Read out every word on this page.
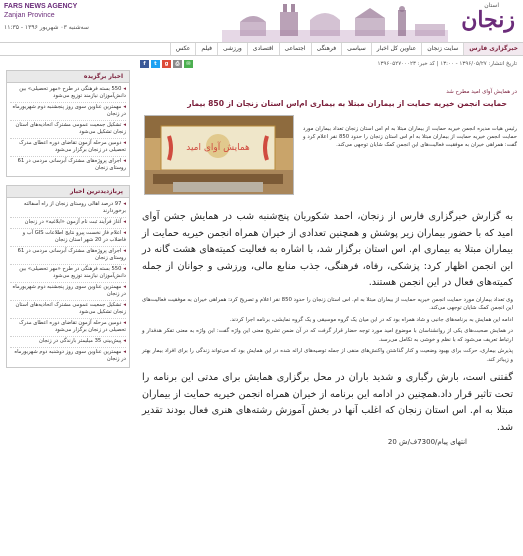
FARS NEWS AGENCY
Zanjan Province
سه‌شنبه ۰۳ شهریور ۱۳۹۶ - ۱۱:۳۵
استان
زنجان
خبرگزاری فارس
سایت زنجان
عناوین کل اخبار
سیاسی
فرهنگی
اجتماعی
اقتصادی
ورزشی
فیلم
عکس
اخبار برگزیده
◂550 بسته فرهنگی در طرح «مهر تحصیلی» بین دانش‌آموزان نیازمند توزیع می‌شود
◂مهمترین عناوین سوی روز پنجشنبه دوم شهریورماه در زنجان
◂تشکیل جمعیت عمومی مشترک اتحادیه‌های استان زنجان تشکیل می‌شود
◂دومین مرحله آزمون تقاضای دوره اعطای مدرک تحصیلی در زنجان برگزار می‌شود
◂اجرای پروژه‌های مشترک آبرسانی مردمی در 61 روستای زنجان
پربازدیدترین اخبار
◂97 درصد اهالی روستای زنجان از راه آسفالته برخوردارند
◂آغاز فرآیند ثبت نام آزمون «ابلاغیه» در زنجان
◂اعلام فاز نخست پیرو نتایج اطلاعات GIS آب و فاضلاب در 20 شهر استان زنجان
◂اجرای پروژه‌های مشترک آبرسانی مردمی در 61 روستای زنجان
◂550 بسته فرهنگی در طرح «مهر تحصیلی» بین دانش‌آموزان نیازمند توزیع می‌شود
◂مهمترین عناوین سوی روز پنجشنبه دوم شهریورماه در زنجان
◂تشکیل جمعیت عمومی مشترک اتحادیه‌های استان زنجان تشکیل می‌شود
◂دومین مرحله آزمون تقاضای دوره اعطای مدرک تحصیلی در زنجان برگزار می‌شود
◂پیش‌بینی 35 میلیمتر بارندگی در زنجان
◂مهمترین عناوین سوی روز دوشنبه دوم شهریورماه در زنجان
تاریخ انتشار: ۱۳۹۶/۰۵/۲۷ - ۱۳:۰۰ | کد خبر: ۱۳۹۶۰۵۲۷۰۰۰۲۳
f	t	g	⎙	✉
در همایش آوای امید مطرح شد
حمایت انجمن خیریه حمایت از بیماران مبتلا به بیماری ام‌اس استان زنجان از 850 بیمار
رئیس هیات مدیره انجمن خیریه حمایت از بیماران مبتلا به ام اس استان زنجان تعداد بیماران مورد حمایت انجمن خیریه حمایت از بیماران مبتلا به ام اس استان زنجان را حدود 850 نفر اعلام کرد و گفت: همراهی خیران به موفقیت فعالیت‌های این انجمن کمک شایان توجهی می‌کند.
همایش آوای امید
به گزارش خبرگزاری فارس از زنجان، احمد شکوریان پنج‌شنبه شب در همایش جشن آوای امید که با حضور بیماران زیر پوشش و همچنین تعدادی از خیران همراه انجمن خیریه حمایت از بیماران مبتلا به بیماری ام. اس استان برگزار شد، با اشاره به فعالیت کمیته‌های هشت گانه در این انجمن اظهار کرد: پزشکی، رفاه، فرهنگی، جذب منابع مالی، ورزشی و جوانان از جمله کمیته‌های فعال در این انجمن هستند.

وی تعداد بیماران مورد حمایت انجمن خیریه حمایت از بیماران مبتلا به ام. اس استان زنجان را حدود 850 نفر اعلام و تصریح کرد: همراهی خیران به موفقیت فعالیت‌های این انجمن کمک شایان توجهی می‌کند.

ادامه این همایش به برنامه‌های جانبی و شاد همراه بود که در این میان یک گروه موسیقی و یک گروه نمایشی، برنامه اجرا کردند.

در همایش صحبت‌های یکی از روانشناسان با موضوع امید مورد توجه حضار قرار گرفت که در آن ضمن تشریح معنی این واژه گفت: این واژه به معنی تفکر هدفدار و ارتباط تعریف می‌شود که با نظم و خوشی به تکامل می‌رسد.

پذیرش بیماری، حرکت برای بهبود وضعیت و کنار گذاشتن واکنش‌های منفی از جمله توصیه‌های ارائه شده در این همایش بود که می‌تواند زندگی را برای افراد بیمار بهتر و زیباتر کند.

گفتنی است، بارش رگباری و شدید باران در محل برگزاری همایش برای مدتی این برنامه را تحت تاثیر قرار داد.همچنین در ادامه این برنامه از خیران همراه انجمن خیریه حمایت از بیماران مبتلا به ام. اس استان زنجان که اغلب آنها در بخش آموزش رشته‌های هنری فعال بودند تقدیر شد.
انتهای پیام/7300ف/ش 20
